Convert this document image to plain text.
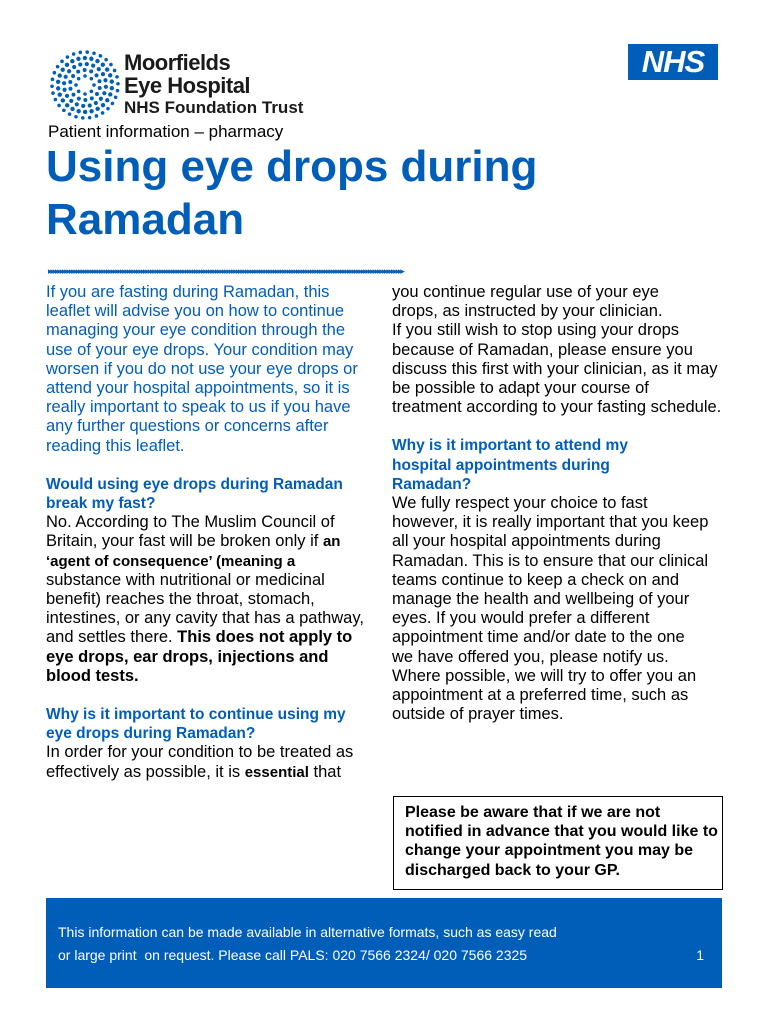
Moorfields
Eye Hospital
NHS Foundation Trust
NHS
Patient information – pharmacy
Using eye drops during Ramadan
▸▸▸▸▸▸▸▸▸▸▸▸▸▸▸▸▸▸▸▸▸▸▸▸▸▸▸▸▸▸▸▸▸▸▸▸▸▸▸▸▸▸▸▸▸▸▸▸▸▸▸▸▸▸▸▸▸▸▸▸▸▸▸▸▸▸▸▸▸▸▸▸▸▸▸▸▸▸▸▸▸▸▸▸▸▸▸▸▸▸▸▸▸▸▸▸▸▸▸▸▸▸▸▸▸▸▸▸▸▸▸▸▸▸▸▸▸▸▸▸▸▸▸▸▸▸▸▸▸▸▸▸▸▸▸▸▸▸▸▸▸▸▸▸▸▸▸▸▸▸▸▸▸

If you are fasting during Ramadan, this leaflet will advise you on how to continue managing your eye condition through the use of your eye drops. Your condition may worsen if you do not use your eye drops or attend your hospital appointments, so it is really important to speak to us if you have any further questions or concerns after reading this leaflet.

Would using eye drops during Ramadan break my fast?

No. According to The Muslim Council of Britain, your fast will be broken only if an ‘agent of consequence’ (meaning a substance with nutritional or medicinal benefit) reaches the throat, stomach, intestines, or any cavity that has a pathway, and settles there. This does not apply to eye drops, ear drops, injections and blood tests.

Why is it important to continue using my eye drops during Ramadan?

In order for your condition to be treated as effectively as possible, it is essential that

you continue regular use of your eye drops, as instructed by your clinician.

If you still wish to stop using your drops because of Ramadan, please ensure you discuss this first with your clinician, as it may be possible to adapt your course of treatment according to your fasting schedule.

Why is it important to attend my hospital appointments during Ramadan?

We fully respect your choice to fast however, it is really important that you keep all your hospital appointments during Ramadan. This is to ensure that our clinical teams continue to keep a check on and manage the health and wellbeing of your eyes. If you would prefer a different appointment time and/or date to the one we have offered you, please notify us.

Where possible, we will try to offer you an appointment at a preferred time, such as outside of prayer times.

Please be aware that if we are not notified in advance that you would like to change your appointment you may be discharged back to your GP.
This information can be made available in alternative formats, such as easy read
or large print  on request. Please call PALS: 020 7566 2324/ 020 7566 2325	1
